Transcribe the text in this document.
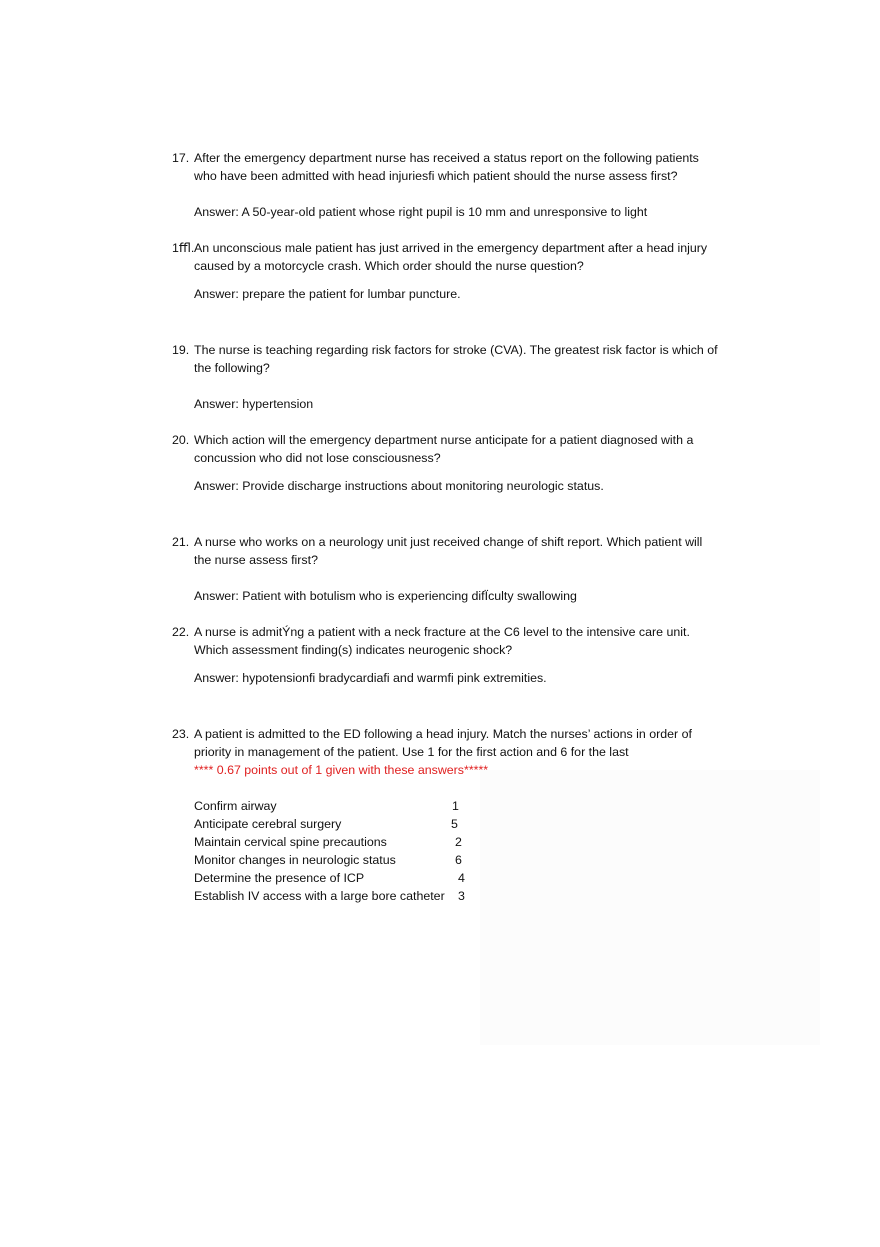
17. After the emergency department nurse has received a status report on the following patients
who have been admitted with head injuriesﬁ which patient should the nurse assess first?
Answer: A 50-year-old patient whose right pupil is 10 mm and unresponsive to light
1ﬄ. An unconscious male patient has just arrived in the emergency department after a head injury
caused by a motorcycle crash. Which order should the nurse question?
Answer: prepare the patient for lumbar puncture.
19. The nurse is teaching regarding risk factors for stroke (CVA). The greatest risk factor is which of
the following?
Answer: hypertension
20. Which action will the emergency department nurse anticipate for a patient diagnosed with a
concussion who did not lose consciousness?
Answer: Provide discharge instructions about monitoring neurologic status.
21. A nurse who works on a neurology unit just received change of shift report. Which patient will
the nurse assess first?
Answer: Patient with botulism who is experiencing difÏculty swallowing
22. A nurse is admitÝng a patient with a neck fracture at the C6 level to the intensive care unit.
Which assessment finding(s) indicates neurogenic shock?
Answer: hypotensionﬁ bradycardiaﬁ and warmﬁ pink extremities.
23. A patient is admitted to the ED following a head injury. Match the nurses’ actions in order of
priority in management of the patient. Use 1 for the first action and 6 for the last
**** 0.67 points out of 1 given with these answers*****
Confirm airway	1
Anticipate cerebral surgery	5
Maintain cervical spine precautions	2
Monitor changes in neurologic status	6
Determine the presence of ICP	4
Establish IV access with a large bore catheter 3
